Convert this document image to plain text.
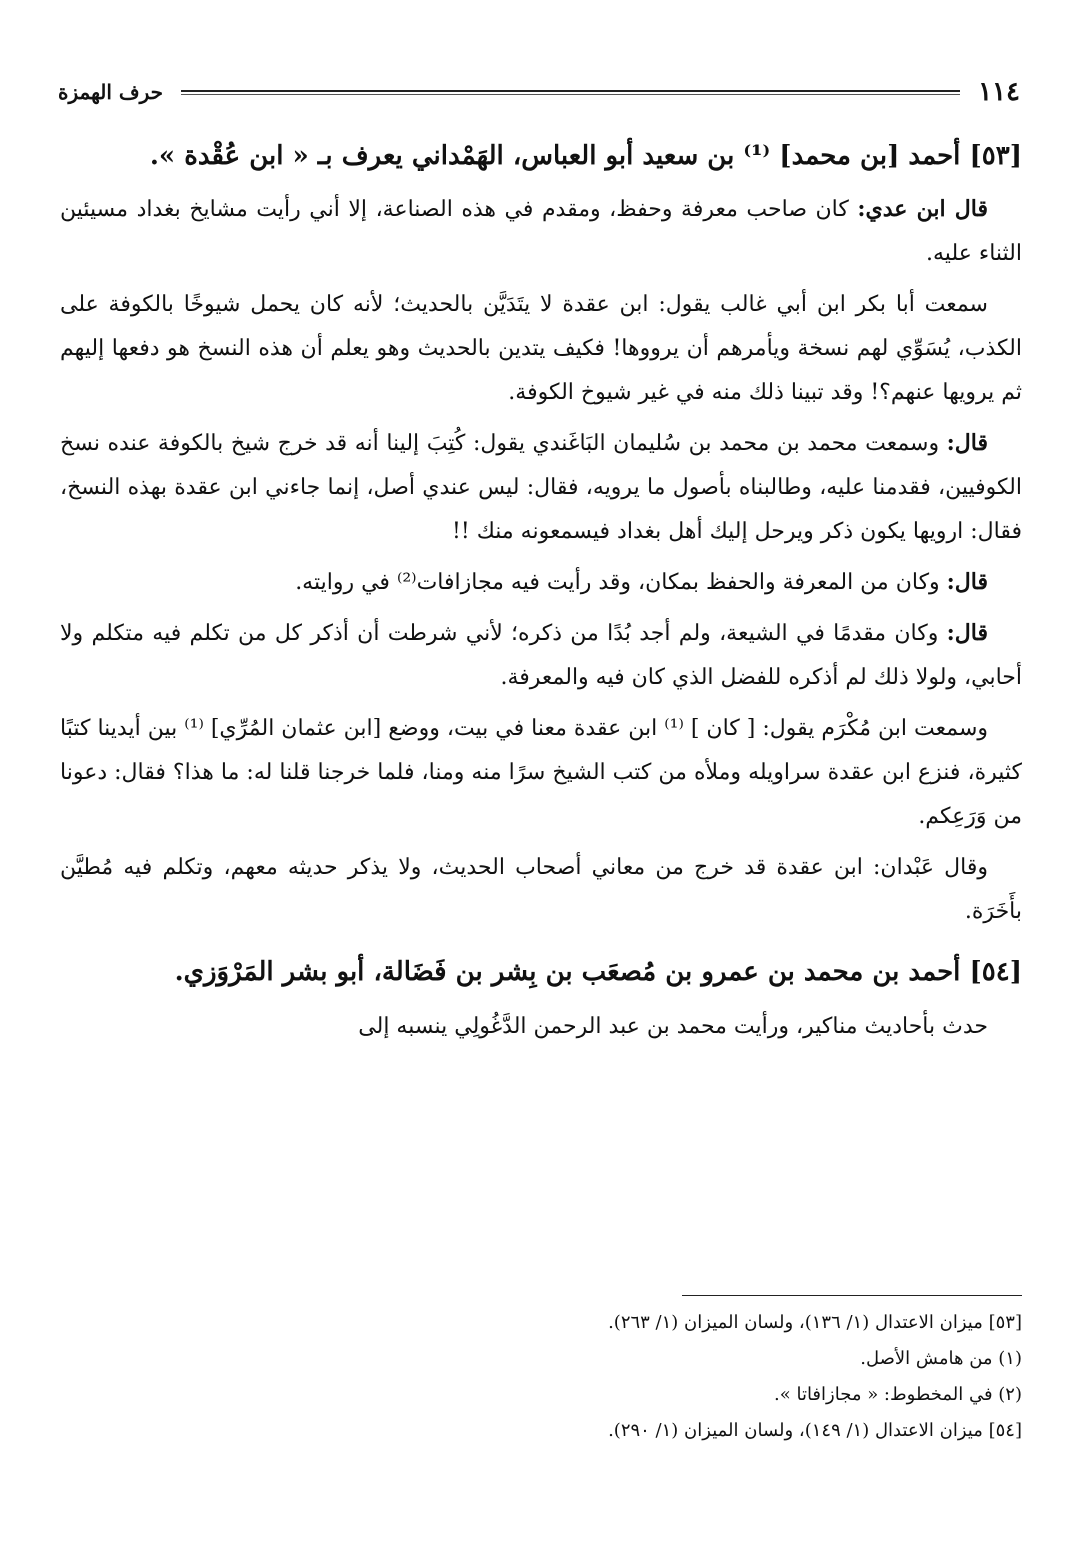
١١٤
حرف الهمزة
[٥٣] أحمد [بن محمد] ⁽¹⁾ بن سعيد أبو العباس، الهَمْداني يعرف بـ « ابن عُقْدة ».

قال ابن عدي: كان صاحب معرفة وحفظ، ومقدم في هذه الصناعة، إلا أني رأيت مشايخ بغداد مسيئين الثناء عليه.

سمعت أبا بكر ابن أبي غالب يقول: ابن عقدة لا يتَدَيَّن بالحديث؛ لأنه كان يحمل شيوخًا بالكوفة على الكذب، يُسَوِّي لهم نسخة ويأمرهم أن يرووها! فكيف يتدين بالحديث وهو يعلم أن هذه النسخ هو دفعها إليهم ثم يرويها عنهم؟! وقد تبينا ذلك منه في غير شيوخ الكوفة.

قال: وسمعت محمد بن محمد بن سُليمان البَاغَندي يقول: كُتِبَ إلينا أنه قد خرج شيخ بالكوفة عنده نسخ الكوفيين، فقدمنا عليه، وطالبناه بأصول ما يرويه، فقال: ليس عندي أصل، إنما جاءني ابن عقدة بهذه النسخ، فقال: ارويها يكون ذكر ويرحل إليك أهل بغداد فيسمعونه منك !!

قال: وكان من المعرفة والحفظ بمكان، وقد رأيت فيه مجازافات⁽²⁾ في روايته.

قال: وكان مقدمًا في الشيعة، ولم أجد بُدًا من ذكره؛ لأني شرطت أن أذكر كل من تكلم فيه متكلم ولا أحابي، ولولا ذلك لم أذكره للفضل الذي كان فيه والمعرفة.

وسمعت ابن مُكْرَم يقول: [ كان ] ⁽¹⁾ ابن عقدة معنا في بيت، ووضع [ابن عثمان المُرِّي] ⁽¹⁾ بين أيدينا كتبًا كثيرة، فنزع ابن عقدة سراويله وملأه من كتب الشيخ سرًا منه ومنا، فلما خرجنا قلنا له: ما هذا؟ فقال: دعونا من وَرَعِكم.

وقال عَبْدان: ابن عقدة قد خرج من معاني أصحاب الحديث، ولا يذكر حديثه معهم، وتكلم فيه مُطيَّن بأَخَرَة.

[٥٤] أحمد بن محمد بن عمرو بن مُصعَب بن بِشر بن فَضَالة، أبو بشر المَرْوَزي.

حدث بأحاديث مناكير، ورأيت محمد بن عبد الرحمن الدَّغُولِي ينسبه إلى

[٥٣] ميزان الاعتدال (١/ ١٣٦)، ولسان الميزان (١/ ٢٦٣).

(١) من هامش الأصل.

(٢) في المخطوط: « مجازافاتا ».

[٥٤] ميزان الاعتدال (١/ ١٤٩)، ولسان الميزان (١/ ٢٩٠).
